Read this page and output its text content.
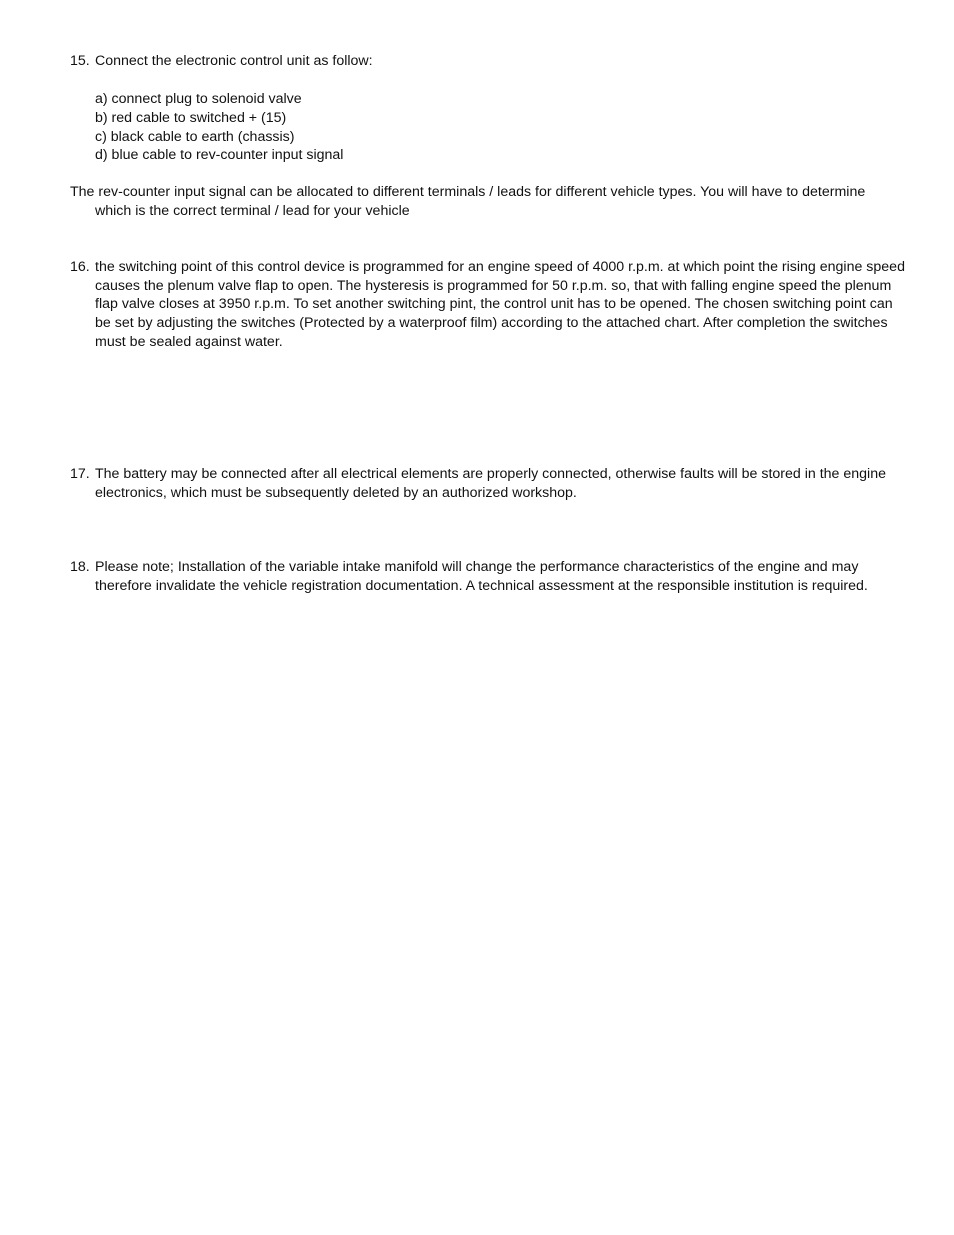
15. Connect the electronic control unit as follow:

a) connect plug to solenoid valve
b) red cable to switched + (15)
c) black cable to earth (chassis)
d) blue cable to rev-counter input signal

The rev-counter input signal can be allocated to different terminals / leads for different vehicle types. You will have to determine which is the correct terminal / lead for your vehicle

16. the switching point of this control device is programmed for an engine speed of 4000 r.p.m. at which point the rising engine speed causes the plenum valve flap to open. The hysteresis is programmed for 50 r.p.m. so, that with falling engine speed the plenum flap valve closes at 3950 r.p.m. To set another switching pint, the control unit has to be opened. The chosen switching point can be set by adjusting the switches (Protected by a waterproof film) according to the attached chart. After completion the switches must be sealed against water.

17. The battery may be connected after all electrical elements are properly connected, otherwise faults will be stored in the engine electronics, which must be subsequently deleted by an authorized workshop.

18. Please note; Installation of the variable intake manifold will change the performance characteristics of the engine and may therefore invalidate the vehicle registration documentation. A technical assessment at the responsible institution is required.
